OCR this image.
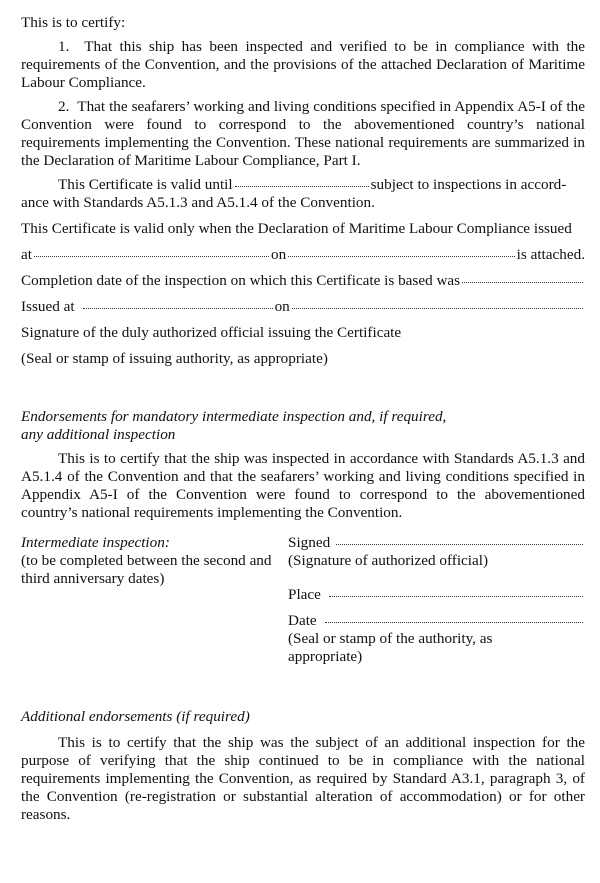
This is to certify:

1.  That this ship has been inspected and verified to be in compliance with the requirements of the Convention, and the provisions of the attached Declaration of Maritime Labour Compliance.

2.  That the seafarers’ working and living conditions specified in Appendix A5-I of the Convention were found to correspond to the abovementioned country’s national requirements implementing the Convention. These national requirements are summarized in the Declaration of Maritime Labour Compliance, Part I.

This Certificate is valid until	subject to inspections in accord-

ance with Standards A5.1.3 and A5.1.4 of the Convention.

This Certificate is valid only when the Declaration of Maritime Labour Compliance issued

at	on	is attached.
Completion date of the inspection on which this Certificate is based was
Issued at	on

Signature of the duly authorized official issuing the Certificate

(Seal or stamp of issuing authority, as appropriate)

Endorsements for mandatory intermediate inspection and, if required,

any additional inspection

This is to certify that the ship was inspected in accordance with Standards A5.1.3 and A5.1.4 of the Convention and that the seafarers’ working and living conditions specified in Appendix A5-I of the Convention were found to correspond to the abovementioned country’s national requirements implementing the Convention.

Intermediate inspection:

(to be completed between the second and third anniversary dates)

Signed

(Signature of authorized official)

Place
Date

(Seal or stamp of the authority, as appropriate)

Additional endorsements (if required)

This is to certify that the ship was the subject of an additional inspection for the purpose of verifying that the ship continued to be in compliance with the national requirements implementing the Convention, as required by Standard A3.1, paragraph 3, of the Convention (re-registration or substantial alteration of accommodation) or for other reasons.
